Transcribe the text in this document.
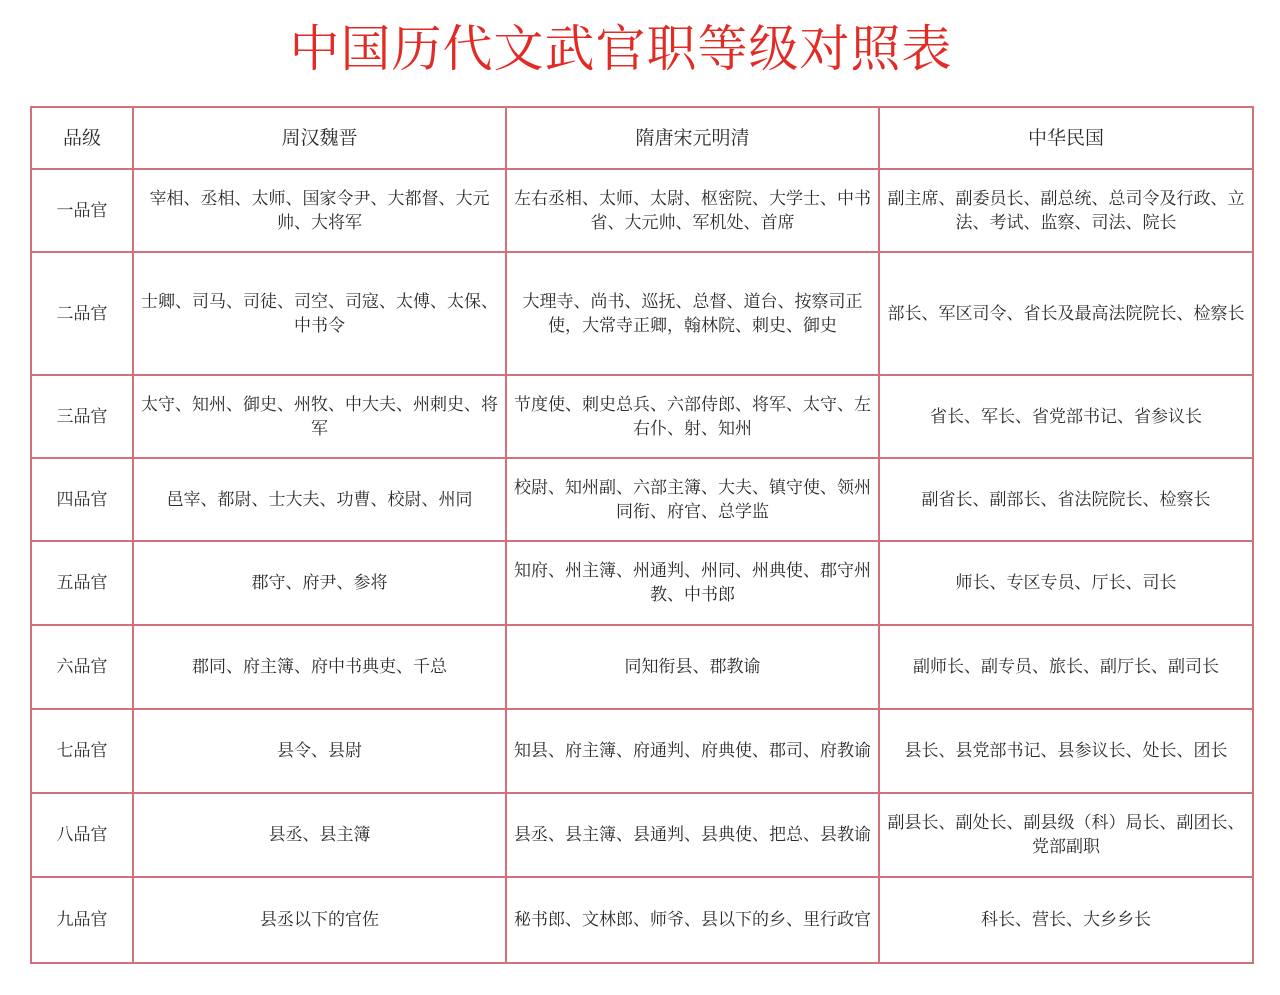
中国历代文武官职等级对照表
品级	周汉魏晋	隋唐宋元明清	中华民国
一品官	宰相、丞相、太师、国家令尹、大都督、大元帅、大将军	左右丞相、太师、太尉、枢密院、大学士、中书省、大元帅、军机处、首席	副主席、副委员长、副总统、总司令及行政、立法、考试、监察、司法、院长
二品官	士卿、司马、司徒、司空、司寇、太傅、太保、中书令	大理寺、尚书、巡抚、总督、道台、按察司正使，大常寺正卿，翰林院、刺史、御史	部长、军区司令、省长及最高法院院长、检察长
三品官	太守、知州、御史、州牧、中大夫、州刺史、将军	节度使、刺史总兵、六部侍郎、将军、太守、左右仆、射、知州	省长、军长、省党部书记、省参议长
四品官	邑宰、都尉、士大夫、功曹、校尉、州同	校尉、知州副、六部主簿、大夫、镇守使、领州同衔、府官、总学监	副省长、副部长、省法院院长、检察长
五品官	郡守、府尹、参将	知府、州主簿、州通判、州同、州典使、郡守州教、中书郎	师长、专区专员、厅长、司长
六品官	郡同、府主簿、府中书典吏、千总	同知衔县、郡教谕	副师长、副专员、旅长、副厅长、副司长
七品官	县令、县尉	知县、府主簿、府通判、府典使、郡司、府教谕	县长、县党部书记、县参议长、处长、团长
八品官	县丞、县主簿	县丞、县主簿、县通判、县典使、把总、县教谕	副县长、副处长、副县级（科）局长、副团长、党部副职
九品官	县丞以下的官佐	秘书郎、文林郎、师爷、县以下的乡、里行政官	科长、营长、大乡乡长
